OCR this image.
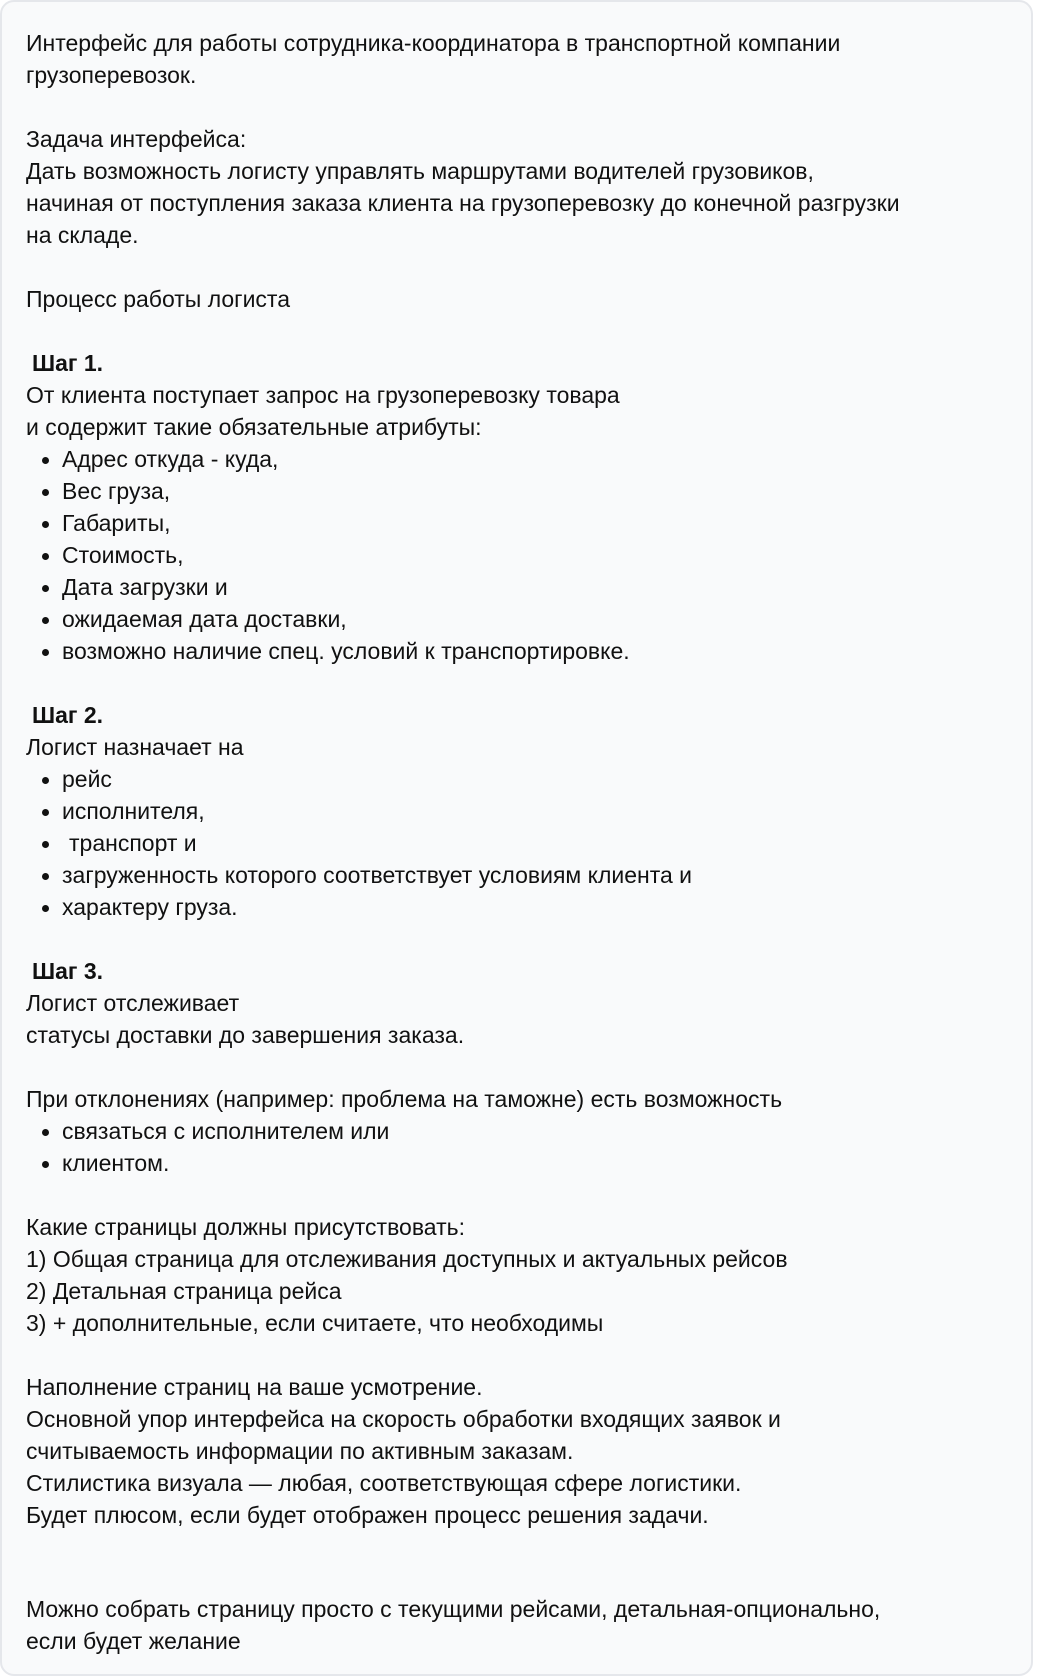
Интерфейс для работы сотрудника-координатора в транспортной компании

грузоперевозок.

Задача интерфейса:

Дать возможность логисту управлять маршрутами водителей грузовиков,

начиная от поступления заказа клиента на грузоперевозку до конечной разгрузки

на складе.

Процесс работы логиста

Шаг 1.

От клиента поступает запрос на грузоперевозку товара

и содержит такие обязательные атрибуты:

Адрес откуда - куда,
Вес груза,
Габариты,
Стоимость,
Дата загрузки и
ожидаемая дата доставки,
возможно наличие спец. условий к транспортировке.

Шаг 2.

Логист назначает на

рейс
исполнителя,
транспорт и
загруженность которого соответствует условиям клиента и
характеру груза.

Шаг 3.

Логист отслеживает

статусы доставки до завершения заказа.

При отклонениях (например: проблема на таможне) есть возможность

связаться с исполнителем или
клиентом.

Какие страницы должны присутствовать:

1) Общая страница для отслеживания доступных и актуальных рейсов

2) Детальная страница рейса

3) + дополнительные, если считаете, что необходимы

Наполнение страниц на ваше усмотрение.

Основной упор интерфейса на скорость обработки входящих заявок и

считываемость информации по активным заказам.

Стилистика визуала — любая, соответствующая сфере логистики.

Будет плюсом, если будет отображен процесс решения задачи.

Можно собрать страницу просто с текущими рейсами, детальная-опционально,

если будет желание
